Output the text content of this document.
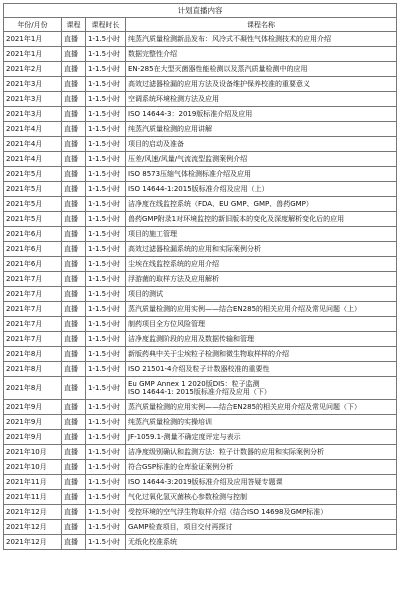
计划直播内容			
年份/月份	课程	课程时长	课程名称
2021年1月	直播	1-1.5小时	纯蒸汽质量检测新品发布：风冷式不凝性气体检测技术的应用介绍
2021年1月	直播	1-1.5小时	数据完整性介绍
2021年2月	直播	1-1.5小时	EN-285在大型灭菌器性能检测以及蒸汽质量检测中的应用
2021年3月	直播	1-1.5小时	高效过滤器检漏的应用方法及设备维护保养校准的重要意义
2021年3月	直播	1-1.5小时	空调系统环境检测方法及应用
2021年3月	直播	1-1.5小时	ISO 14644-3：2019版标准介绍及应用
2021年4月	直播	1-1.5小时	纯蒸汽质量检测的应用讲解
2021年4月	直播	1-1.5小时	项目的启动及准备
2021年4月	直播	1-1.5小时	压差/风速/风量/气流流型监测案例介绍
2021年5月	直播	1-1.5小时	ISO 8573压缩气体检测标准介绍及应用
2021年5月	直播	1-1.5小时	ISO 14644-1:2015版标准介绍及应用（上）
2021年5月	直播	1-1.5小时	洁净度在线监控系统（FDA、EU GMP、GMP、兽药GMP）
2021年5月	直播	1-1.5小时	兽药GMP附录1对环境监控的新旧版本的变化及深度解析变化后的应用
2021年6月	直播	1-1.5小时	项目的施工管理
2021年6月	直播	1-1.5小时	高效过滤器检漏系统的应用和实际案例分析
2021年6月	直播	1-1.5小时	尘埃在线监控系统的应用介绍
2021年7月	直播	1-1.5小时	浮游菌的取样方法及应用解析
2021年7月	直播	1-1.5小时	项目的测试
2021年7月	直播	1-1.5小时	蒸汽质量检测的应用实例——结合EN285的相关应用介绍及常见问题（上）
2021年7月	直播	1-1.5小时	制药项目全方位风险管理
2021年7月	直播	1-1.5小时	洁净度监测阶段的应用及数据传输和管理
2021年8月	直播	1-1.5小时	新版药典中关于尘埃粒子检测和微生物取样样的介绍
2021年8月	直播	1-1.5小时	ISO 21501-4介绍及粒子计数器校准的重要性
2021年8月	直播	1-1.5小时	Eu GMP Annex 1 2020版DIS：粒子监测
ISO 14644-1: 2015版标准介绍及应用（下）
2021年9月	直播	1-1.5小时	蒸汽质量检测的应用实例——结合EN285的相关应用介绍及常见问题（下）
2021年9月	直播	1-1.5小时	纯蒸汽质量检测的实操培训
2021年9月	直播	1-1.5小时	JF-1059.1-测量不确定度评定与表示
2021年10月	直播	1-1.5小时	洁净度级别确认和监测方法：粒子计数器的应用和实际案例分析
2021年10月	直播	1-1.5小时	符合GSP标准的仓库验证案例分析
2021年11月	直播	1-1.5小时	ISO 14644-3:2019版标准介绍及应用答疑专题课
2021年11月	直播	1-1.5小时	气化过氧化氢灭菌核心参数检测与控制
2021年12月	直播	1-1.5小时	受控环境的空气浮生物取样介绍（结合ISO 14698及GMP标准）
2021年12月	直播	1-1.5小时	GAMP检查项目，项目交付再探讨
2021年12月	直播	1-1.5小时	无纸化校准系统
